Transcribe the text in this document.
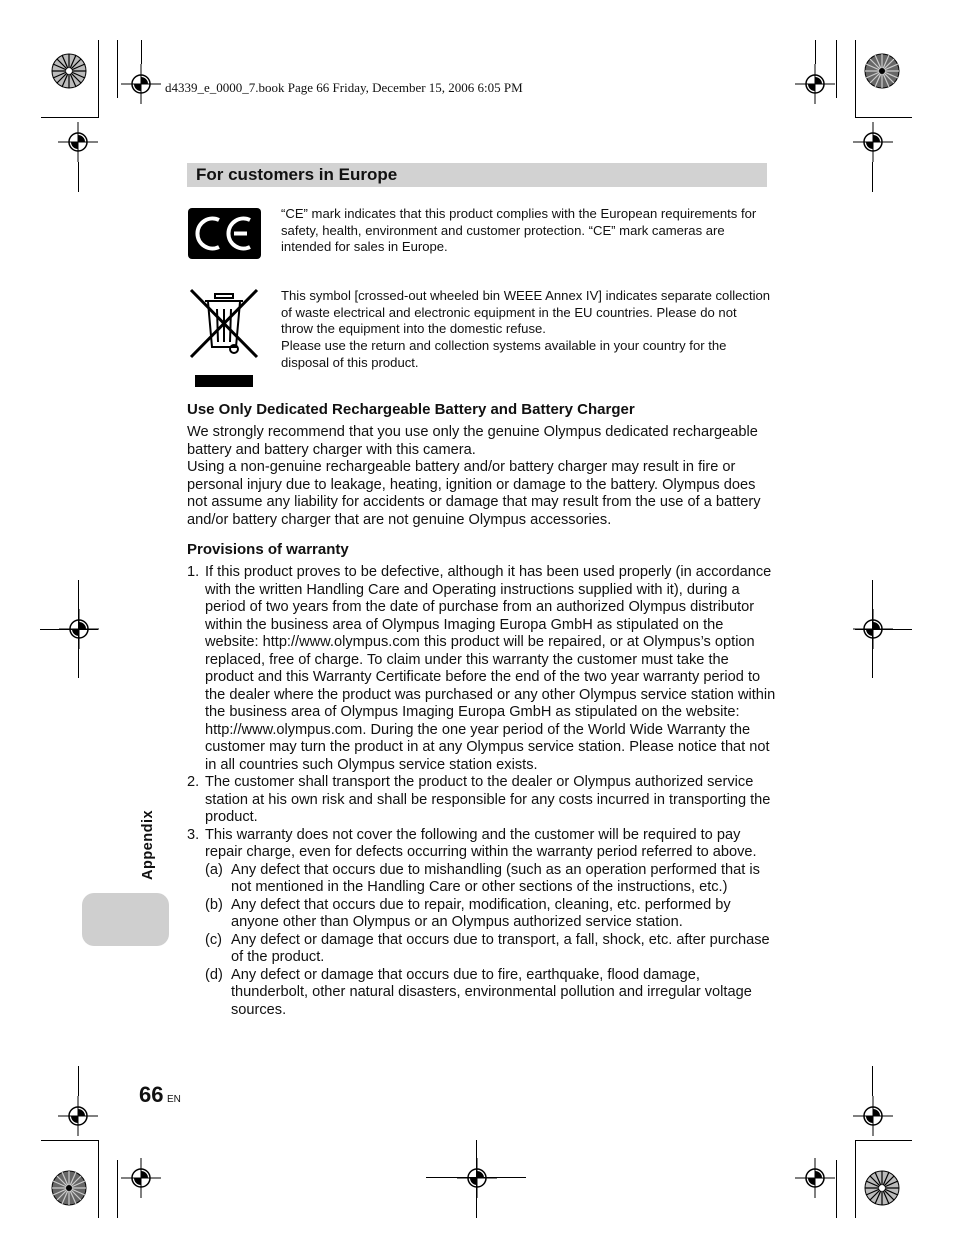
d4339_e_0000_7.book Page 66 Friday, December 15, 2006 6:05 PM
For customers in Europe
“CE” mark indicates that this product complies with the European requirements for safety, health, environment and customer protection. “CE” mark cameras are intended for sales in Europe.
This symbol [crossed-out wheeled bin WEEE Annex IV] indicates separate collection of waste electrical and electronic equipment in the EU countries. Please do not throw the equipment into the domestic refuse.
Please use the return and collection systems available in your country for the disposal of this product.
Use Only Dedicated Rechargeable Battery and Battery Charger
We strongly recommend that you use only the genuine Olympus dedicated rechargeable battery and battery charger with this camera.
Using a non-genuine rechargeable battery and/or battery charger may result in fire or personal injury due to leakage, heating, ignition or damage to the battery. Olympus does not assume any liability for accidents or damage that may result from the use of a battery and/or battery charger that are not genuine Olympus accessories.
Provisions of warranty
1. If this product proves to be defective, although it has been used properly (in accordance with the written Handling Care and Operating instructions supplied with it), during a period of two years from the date of purchase from an authorized Olympus distributor within the business area of Olympus Imaging Europa GmbH as stipulated on the website: http://www.olympus.com this product will be repaired, or at Olympus’s option replaced, free of charge. To claim under this warranty the customer must take the product and this Warranty Certificate before the end of the two year warranty period to the dealer where the product was purchased or any other Olympus service station within the business area of Olympus Imaging Europa GmbH as stipulated on the website: http://www.olympus.com. During the one year period of the World Wide Warranty the customer may turn the product in at any Olympus service station. Please notice that not in all countries such Olympus service station exists.
2. The customer shall transport the product to the dealer or Olympus authorized service station at his own risk and shall be responsible for any costs incurred in transporting the product.
3. This warranty does not cover the following and the customer will be required to pay repair charge, even for defects occurring within the warranty period referred to above.
(a) Any defect that occurs due to mishandling (such as an operation performed that is not mentioned in the Handling Care or other sections of the instructions, etc.)
(b) Any defect that occurs due to repair, modification, cleaning, etc. performed by anyone other than Olympus or an Olympus authorized service station.
(c) Any defect or damage that occurs due to transport, a fall, shock, etc. after purchase of the product.
(d) Any defect or damage that occurs due to fire, earthquake, flood damage, thunderbolt, other natural disasters, environmental pollution and irregular voltage sources.
Appendix
66 EN
